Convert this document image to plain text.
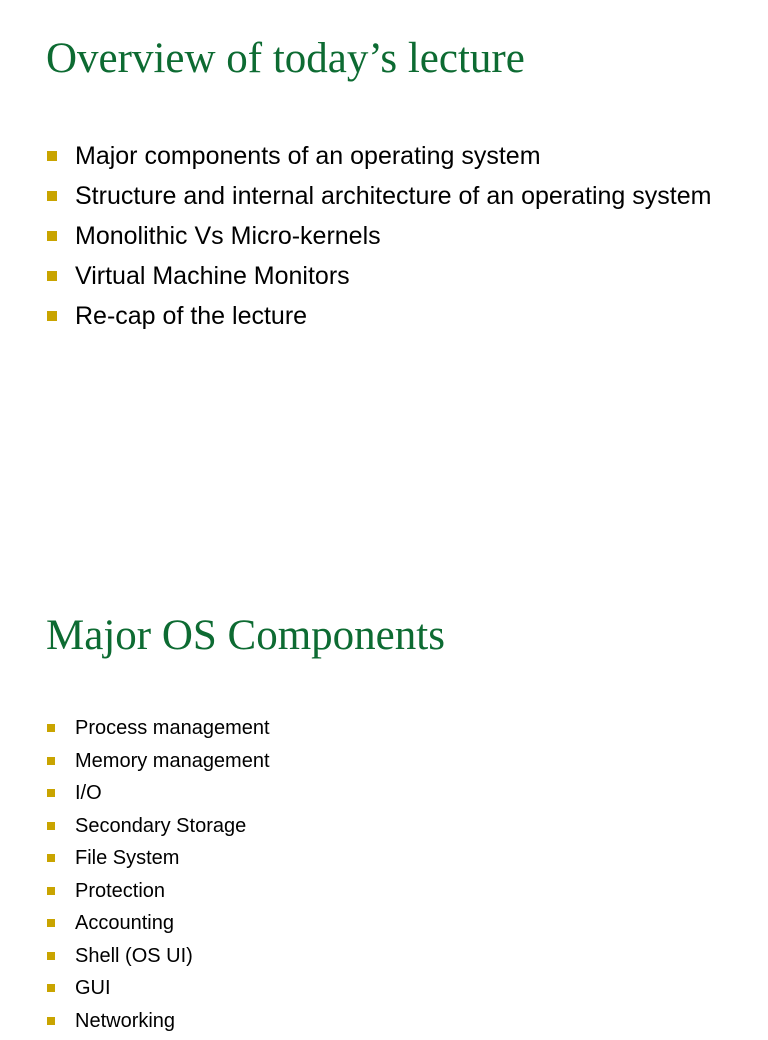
Overview of today’s lecture
Major components of an operating system
Structure and internal architecture of an operating system
Monolithic Vs Micro-kernels
Virtual Machine Monitors
Re-cap of the lecture
Major OS Components
Process management
Memory management
I/O
Secondary Storage
File System
Protection
Accounting
Shell (OS UI)
GUI
Networking
